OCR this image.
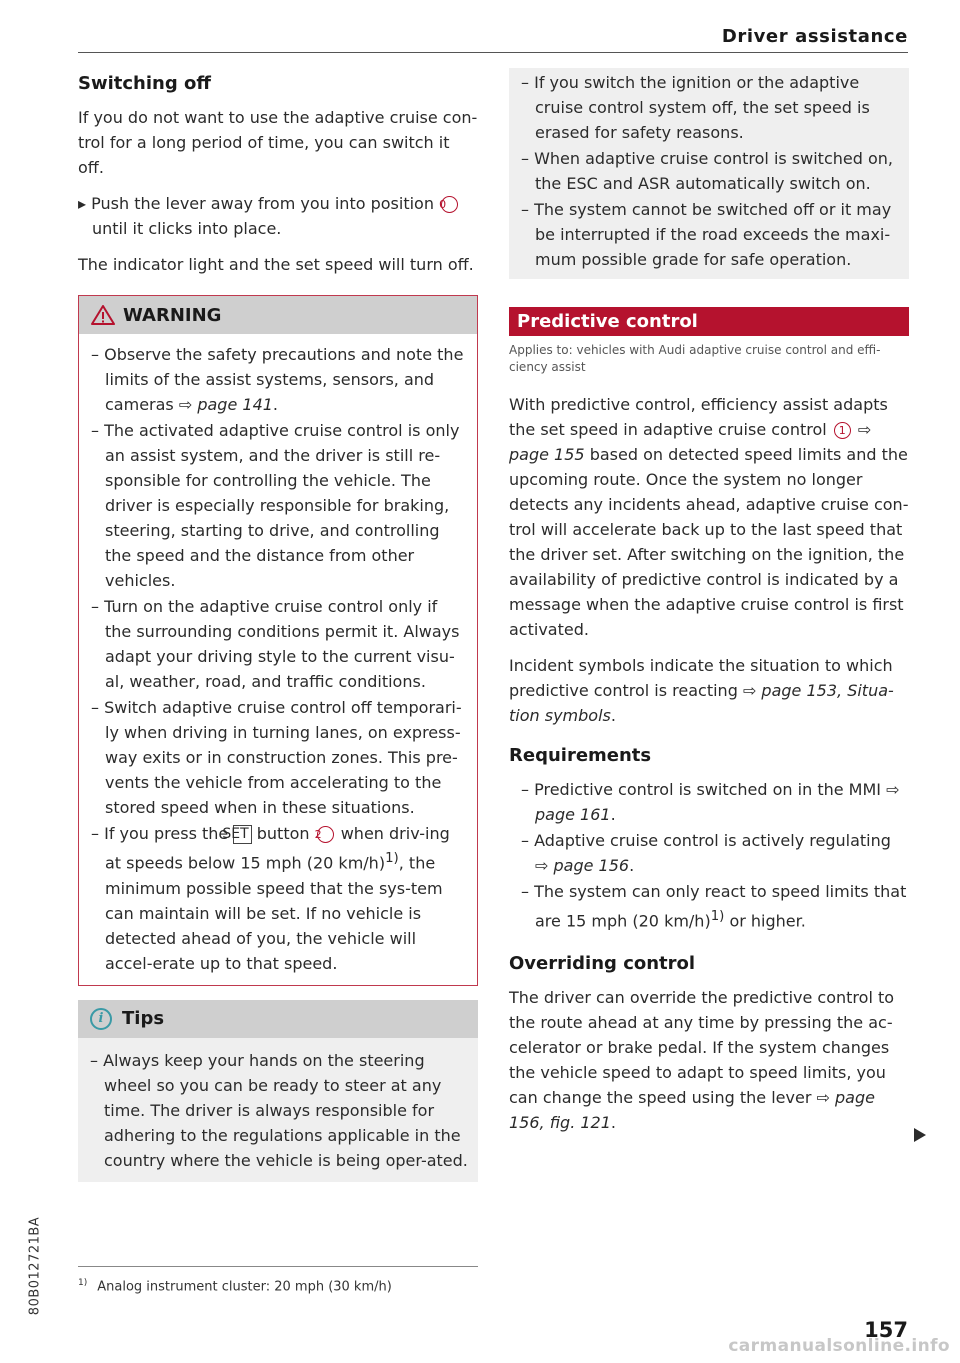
Driver assistance
Switching off

If you do not want to use the adaptive cruise con-trol for a long period of time, you can switch it off.

▸ Push the lever away from you into position 0 until it clicks into place.

The indicator light and the set speed will turn off.

WARNING
– Observe the safety precautions and note the limits of the assist systems, sensors, and cameras ⇨ page 141.
– The activated adaptive cruise control is only an assist system, and the driver is still re-sponsible for controlling the vehicle. The driver is especially responsible for braking, steering, starting to drive, and controlling the speed and the distance from other vehicles.
– Turn on the adaptive cruise control only if the surrounding conditions permit it. Always adapt your driving style to the current visu-al, weather, road, and traffic conditions.
– Switch adaptive cruise control off temporari-ly when driving in turning lanes, on express-way exits or in construction zones. This pre-vents the vehicle from accelerating to the stored speed when in these situations.
– If you press the SET button 2 when driv-ing at speeds below 15 mph (20 km/h)$^{1)}$, the minimum possible speed that the sys-tem can maintain will be set. If no vehicle is detected ahead of you, the vehicle will accel-erate up to that speed.
i	Tips
– Always keep your hands on the steering wheel so you can be ready to steer at any time. The driver is always responsible for adhering to the regulations applicable in the country where the vehicle is being oper-ated.
– If you switch the ignition or the adaptive cruise control system off, the set speed is erased for safety reasons.
– When adaptive cruise control is switched on, the ESC and ASR automatically switch on.
– The system cannot be switched off or it may be interrupted if the road exceeds the maxi-mum possible grade for safe operation.
Predictive control
Applies to: vehicles with Audi adaptive cruise control and effi-ciency assist

With predictive control, efficiency assist adapts the set speed in adaptive cruise control 1 ⇨ page 155 based on detected speed limits and the upcoming route. Once the system no longer detects any incidents ahead, adaptive cruise con-trol will accelerate back up to the last speed that the driver set. After switching on the ignition, the availability of predictive control is indicated by a message when the adaptive cruise control is first activated.

Incident symbols indicate the situation to which predictive control is reacting ⇨ page 153, Situa-tion symbols.

Requirements
– Predictive control is switched on in the MMI ⇨ page 161.
– Adaptive cruise control is actively regulating ⇨ page 156.
– The system can only react to speed limits that are 15 mph (20 km/h)$^{1)}$ or higher.
Overriding control

The driver can override the predictive control to the route ahead at any time by pressing the ac-celerator or brake pedal. If the system changes the vehicle speed to adapt to speed limits, you can change the speed using the lever ⇨ page 156, fig. 121.

$^{1)}$ Analog instrument cluster: 20 mph (30 km/h)
80B012721BA
157
carmanualsonline.info
